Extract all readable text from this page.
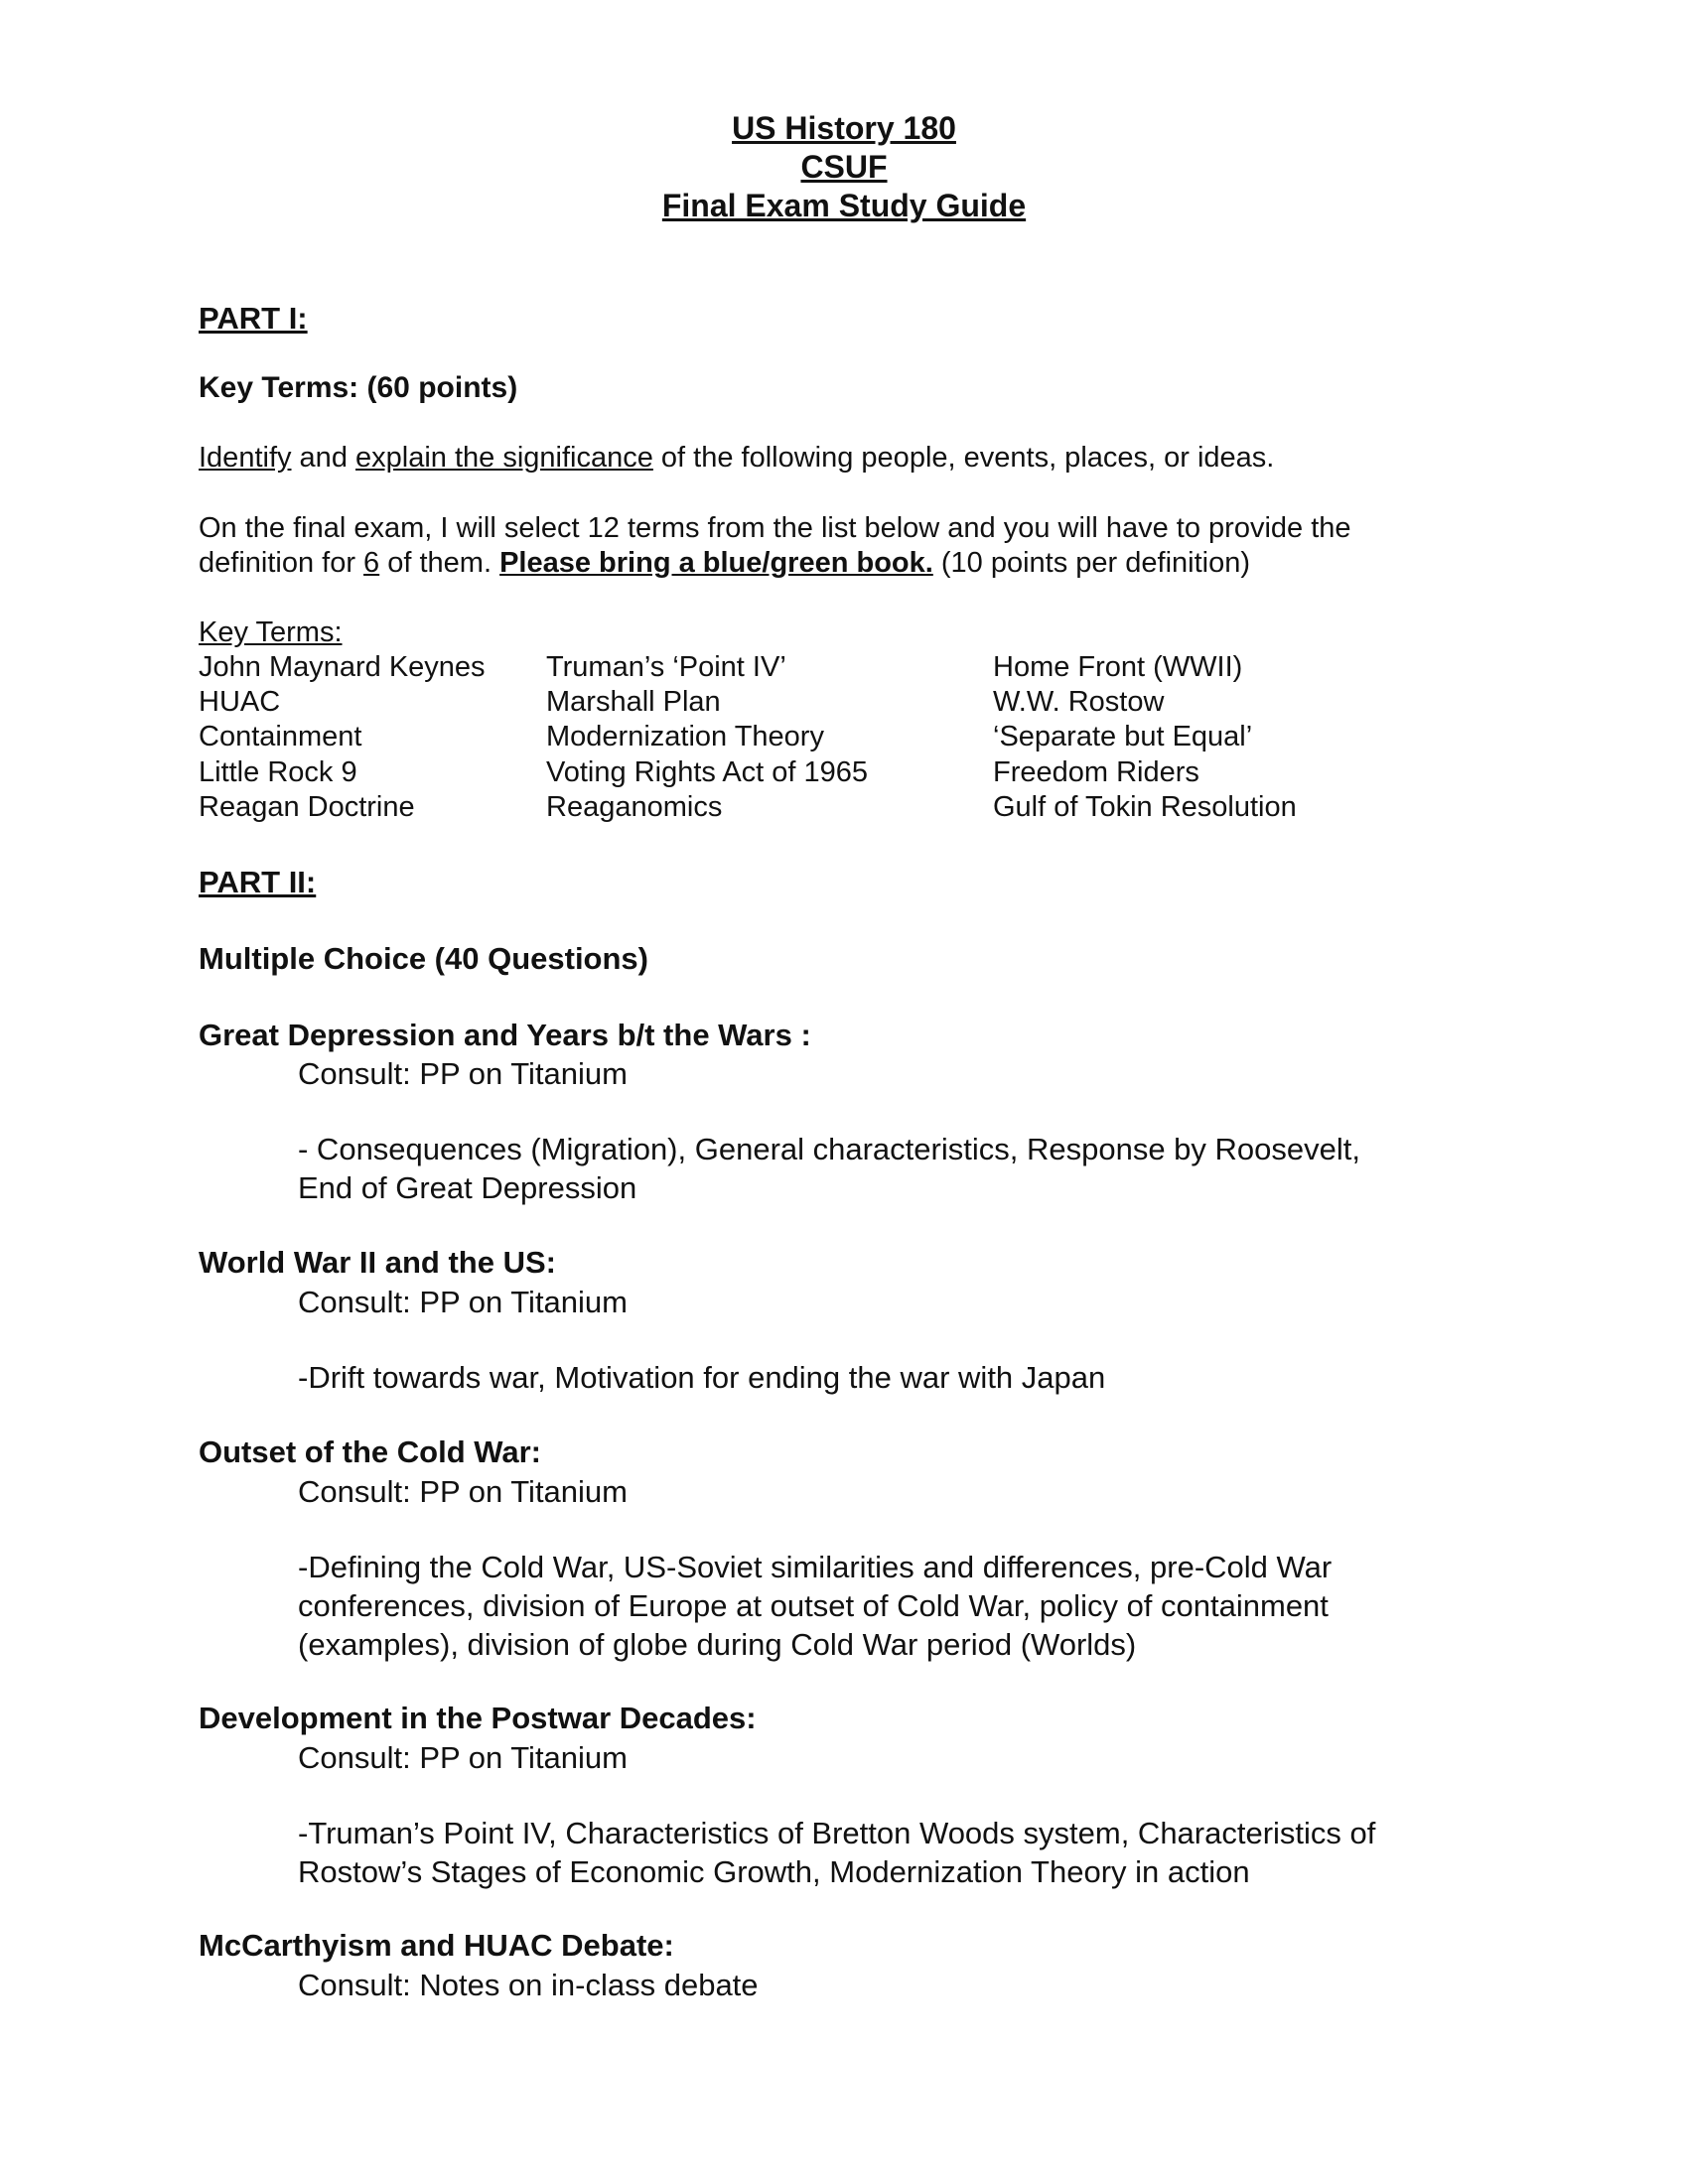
US History 180
CSUF
Final Exam Study Guide
PART I:
Key Terms: (60 points)
Identify and explain the significance of the following people, events, places, or ideas.
On the final exam, I will select 12 terms from the list below and you will have to provide the
definition for 6 of them. Please bring a blue/green book. (10 points per definition)
Key Terms:
John Maynard Keynes
HUAC
Containment
Little Rock 9
Reagan Doctrine
Truman’s ‘Point IV’
Marshall Plan
Modernization Theory
Voting Rights Act of 1965
Reaganomics
Home Front (WWII)
W.W. Rostow
‘Separate but Equal’
Freedom Riders
Gulf of Tokin Resolution
PART II:
Multiple Choice (40 Questions)
Great Depression and Years b/t the Wars :
Consult: PP on Titanium
- Consequences (Migration), General characteristics, Response by Roosevelt,
End of Great Depression
World War II and the US:
Consult: PP on Titanium
-Drift towards war, Motivation for ending the war with Japan
Outset of the Cold War:
Consult: PP on Titanium
-Defining the Cold War, US-Soviet similarities and differences, pre-Cold War
conferences, division of Europe at outset of Cold War, policy of containment
(examples), division of globe during Cold War period (Worlds)
Development in the Postwar Decades:
Consult: PP on Titanium
-Truman’s Point IV, Characteristics of Bretton Woods system, Characteristics of
Rostow’s Stages of Economic Growth, Modernization Theory in action
McCarthyism and HUAC Debate:
Consult: Notes on in-class debate
